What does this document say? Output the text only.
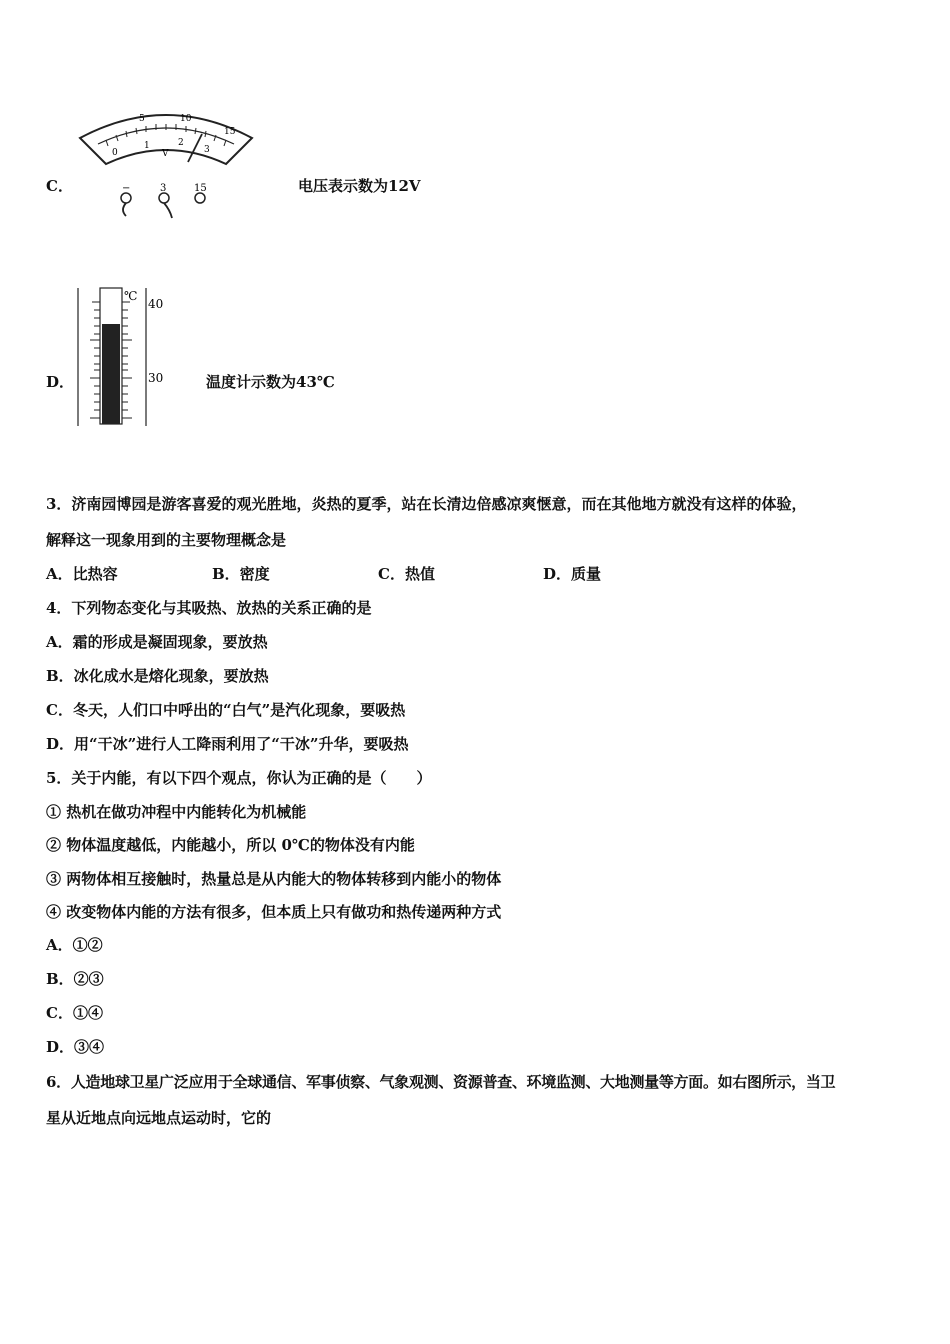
C．
5	10
15
0
1	2
3
V
−	3	15	电压表示数为12V
D．
℃
40
30	温度计示数为43℃
3．济南园博园是游客喜爱的观光胜地，炎热的夏季，站在长清边倍感凉爽惬意，而在其他地方就没有这样的体验，
解释这一现象用到的主要物理概念是
A．比热容	B．密度	C．热值	D．质量
4．下列物态变化与其吸热、放热的关系正确的是
A．霜的形成是凝固现象，要放热
B．冰化成水是熔化现象，要放热
C．冬天，人们口中呼出的“白气”是汽化现象，要吸热
D．用“干冰”进行人工降雨利用了“干冰”升华，要吸热
5．关于内能，有以下四个观点，你认为正确的是（　　）
① 热机在做功冲程中内能转化为机械能
② 物体温度越低，内能越小，所以 0℃的物体没有内能
③ 两物体相互接触时，热量总是从内能大的物体转移到内能小的物体
④ 改变物体内能的方法有很多，但本质上只有做功和热传递两种方式
A．①②
B．②③
C．①④
D．③④
6．人造地球卫星广泛应用于全球通信、军事侦察、气象观测、资源普查、环境监测、大地测量等方面。如右图所示，当卫
星从近地点向远地点运动时，它的
